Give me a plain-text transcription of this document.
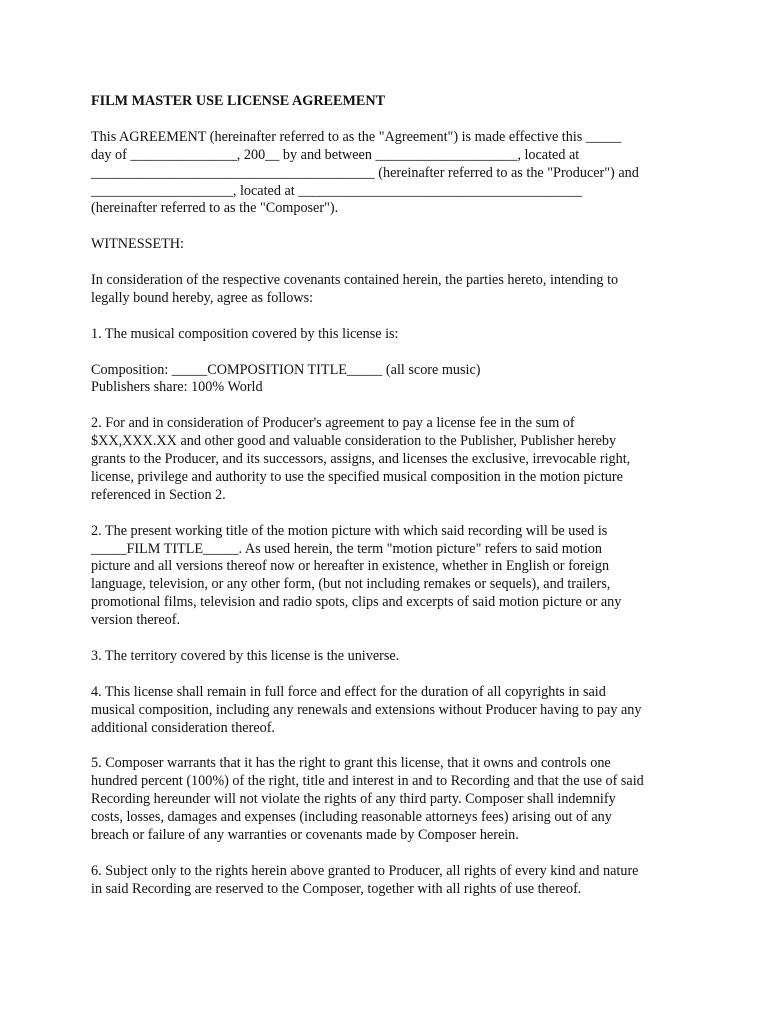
FILM MASTER USE LICENSE AGREEMENT
This AGREEMENT (hereinafter referred to as the "Agreement") is made effective this _____
day of _______________, 200__ by and between ____________________, located at
________________________________________ (hereinafter referred to as the "Producer") and
____________________, located at ________________________________________
(hereinafter referred to as the "Composer").
WITNESSETH:
In consideration of the respective covenants contained herein, the parties hereto, intending to
legally bound hereby, agree as follows:
1. The musical composition covered by this license is:
Composition: _____COMPOSITION TITLE_____ (all score music)
Publishers share: 100% World
2. For and in consideration of Producer's agreement to pay a license fee in the sum of
$XX,XXX.XX and other good and valuable consideration to the Publisher, Publisher hereby
grants to the Producer, and its successors, assigns, and licenses the exclusive, irrevocable right,
license, privilege and authority to use the specified musical composition in the motion picture
referenced in Section 2.
2. The present working title of the motion picture with which said recording will be used is
_____FILM TITLE_____. As used herein, the term "motion picture" refers to said motion
picture and all versions thereof now or hereafter in existence, whether in English or foreign
language, television, or any other form, (but not including remakes or sequels), and trailers,
promotional films, television and radio spots, clips and excerpts of said motion picture or any
version thereof.
3. The territory covered by this license is the universe.
4. This license shall remain in full force and effect for the duration of all copyrights in said
musical composition, including any renewals and extensions without Producer having to pay any
additional consideration thereof.
5. Composer warrants that it has the right to grant this license, that it owns and controls one
hundred percent (100%) of the right, title and interest in and to Recording and that the use of said
Recording hereunder will not violate the rights of any third party. Composer shall indemnify
costs, losses, damages and expenses (including reasonable attorneys fees) arising out of any
breach or failure of any warranties or covenants made by Composer herein.
6. Subject only to the rights herein above granted to Producer, all rights of every kind and nature
in said Recording are reserved to the Composer, together with all rights of use thereof.
